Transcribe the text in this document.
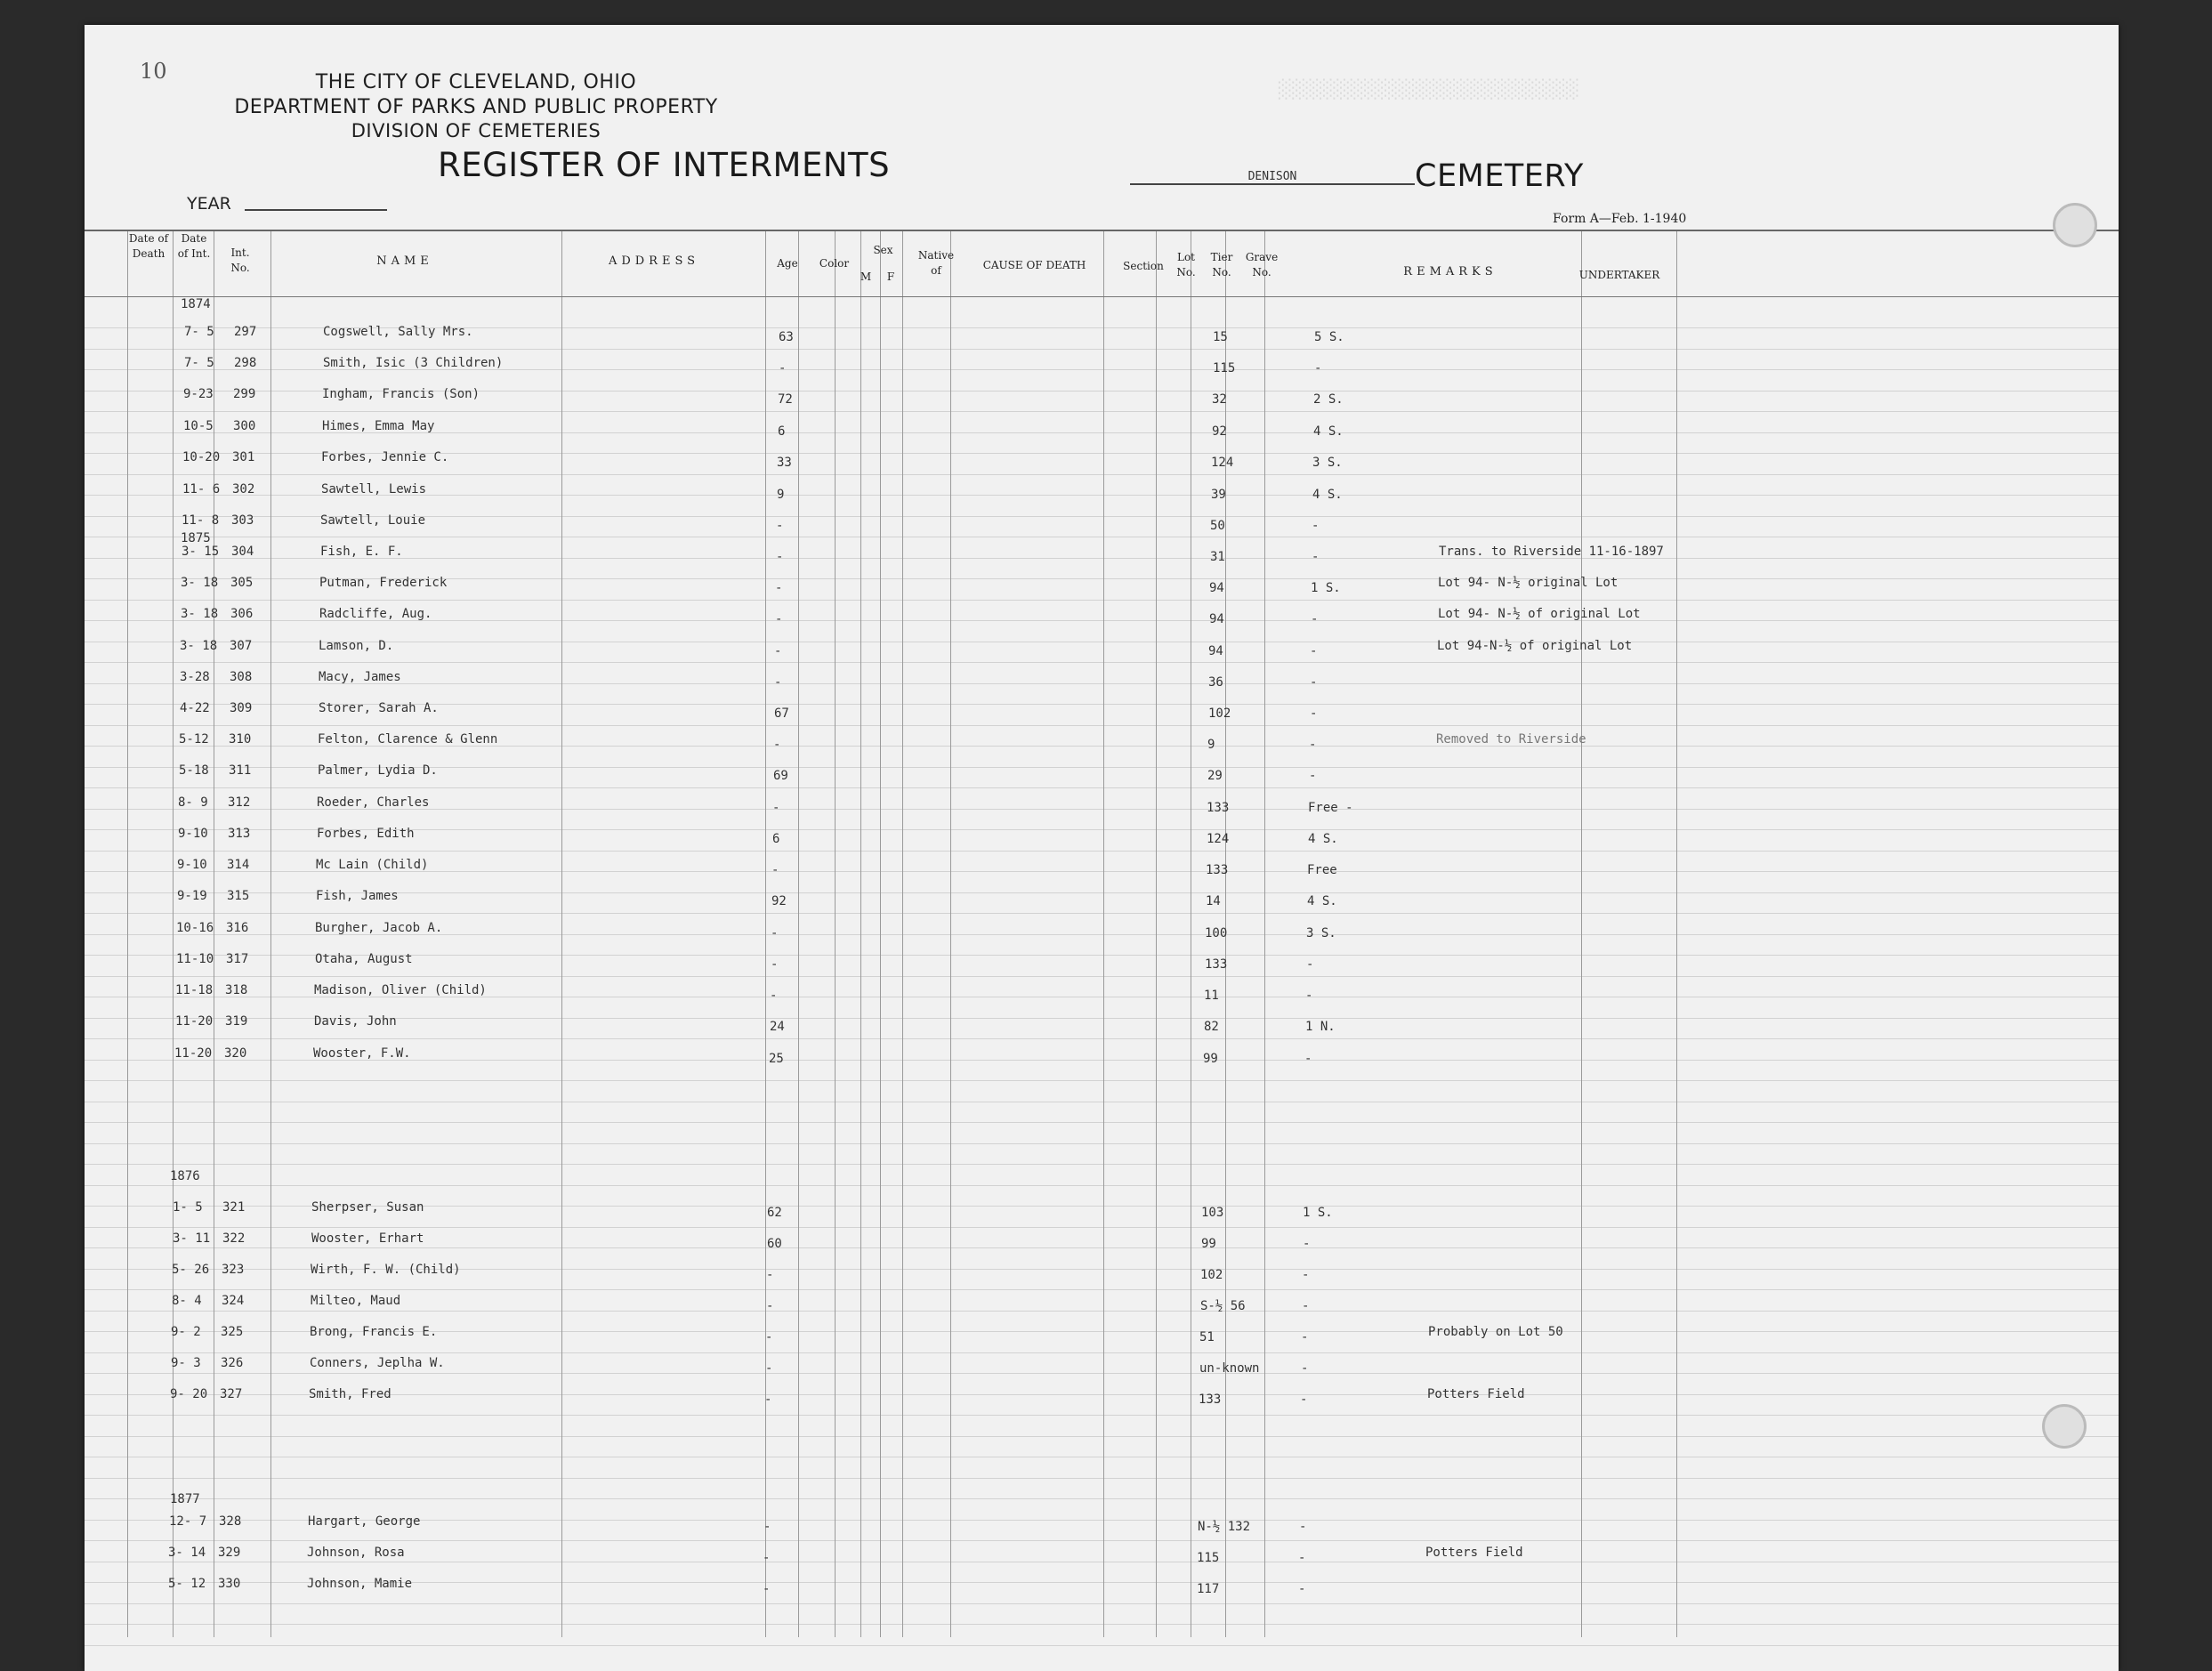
░░░░░░░░░░░░░░░░░░░░░░
10	THE CITY OF CLEVELAND, OHIO
DEPARTMENT OF PARKS AND PUBLIC PROPERTY
DIVISION OF CEMETERIES
REGISTER OF INTERMENTS
YEAR
DENISON	CEMETERY
Form A—Feb. 1-1940
Date of Death
Date of Int.	Int. No.	NAME	ADDRESS	Age	Color
Sex
M	F
Native of	CAUSE OF DEATH	Section
Lot No.
Tier No.
Grave No.	REMARKS	UNDERTAKER
1874
1875
1876
1877
7- 5 297	Cogswell, Sally Mrs.	63	15	5 S.
7- 5 298	Smith, Isic (3 Children)	-	115	-
9-23 299	Ingham, Francis (Son)	72	32	2 S.
10-5 300	Himes, Emma May	6	92	4 S.
10-20 301	Forbes, Jennie C.	33	124	3 S.
11- 6 302	Sawtell, Lewis	9	39	4 S.
11- 8 303	Sawtell, Louie	-	50	-
3- 15 304	Fish, E. F.	-	31	-	Trans. to Riverside 11-16-1897
3- 18 305	Putman, Frederick	-	94	1 S.	Lot 94- N-½ original Lot
3- 18 306	Radcliffe, Aug.	-	94	-	Lot 94- N-½ of original Lot
3- 18 307	Lamson, D.	-	94	-	Lot 94-N-½ of original Lot
3-28 308	Macy, James	-	36	-
4-22 309	Storer, Sarah A.	67	102	-
5-12 310	Felton, Clarence & Glenn	-	9	-	Removed to Riverside
5-18 311	Palmer, Lydia D.	69	29	-
8- 9 312	Roeder, Charles	-	133	Free -
9-10 313	Forbes, Edith	6	124	4 S.
9-10 314	Mc Lain (Child)	-	133	Free
9-19 315	Fish, James	92	14	4 S.
10-16 316	Burgher, Jacob A.	-	100	3 S.
11-10 317	Otaha, August	-	133	-
11-18 318	Madison, Oliver (Child)	-	11	-
11-20 319	Davis, John	24	82	1 N.
11-20 320	Wooster, F.W.	25	99	-
1- 5 321	Sherpser, Susan	62	103	1 S.
3- 11 322	Wooster, Erhart	60	99	-
5- 26 323	Wirth, F. W. (Child)	-	102	-
8- 4 324	Milteo, Maud	-	S-½ 56	-
9- 2 325	Brong, Francis E.	-	51	-	Probably on Lot 50
9- 3 326	Conners, Jeplha W.	-	un-known	-
9- 20 327	Smith, Fred	-	133	-	Potters Field
12- 7 328	Hargart, George	-	N-½ 132	-
3- 14 329	Johnson, Rosa	-	115	-	Potters Field
5- 12 330	Johnson, Mamie	-	117	-
